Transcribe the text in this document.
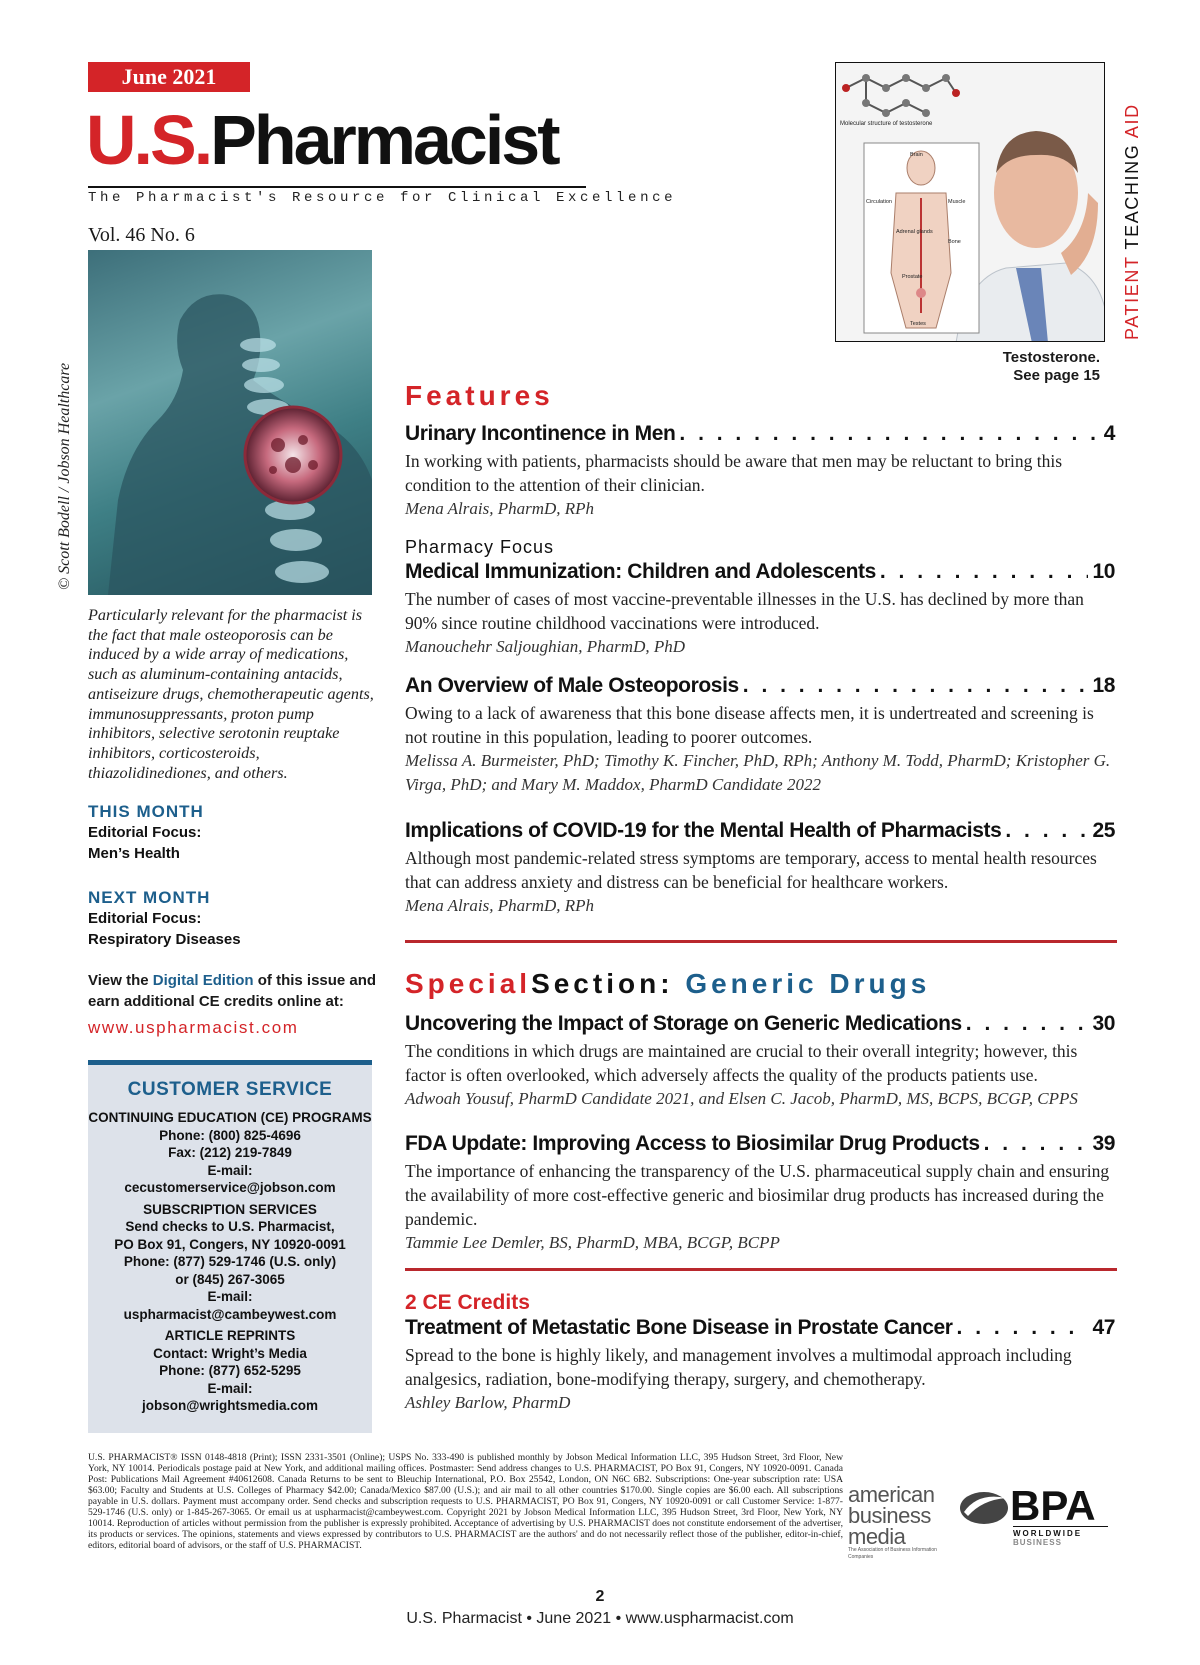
June 2021
U.S.Pharmacist
The Pharmacist's Resource for Clinical Excellence
Vol. 46 No. 6
© Scott Bodell / Jobson Healthcare
Particularly relevant for the pharmacist is the fact that male osteoporosis can be induced by a wide array of medications, such as aluminum-containing antacids, antiseizure drugs, chemotherapeutic agents, immunosuppressants, proton pump inhibitors, selective serotonin reuptake inhibitors, corticosteroids, thiazolidinediones, and others.
THIS MONTH
Editorial Focus:
Men’s Health
NEXT MONTH
Editorial Focus:
Respiratory Diseases
View the Digital Edition of this issue and earn additional CE credits online at:
www.uspharmacist.com
CUSTOMER SERVICE
CONTINUING EDUCATION (CE) PROGRAMS
Phone: (800) 825-4696
Fax: (212) 219-7849
E-mail:
cecustomerservice@jobson.com
SUBSCRIPTION SERVICES
Send checks to U.S. Pharmacist,
PO Box 91, Congers, NY 10920-0091
Phone: (877) 529-1746 (U.S. only)
or (845) 267-3065
E-mail:
uspharmacist@cambeywest.com
ARTICLE REPRINTS
Contact: Wright’s Media
Phone: (877) 652-5295
E-mail:
jobson@wrightsmedia.com
Molecular structure of testosterone
Brain
Circulation	Muscle
Adrenal glands
Bone
Prostate
Testes	PATIENT TEACHING AID
Testosterone.
See page 15
Features
Urinary Incontinence in Men . . .	4
In working with patients, pharmacists should be aware that men may be reluctant to bring this condition to the attention of their clinician.
Mena Alrais, PharmD, RPh
Pharmacy Focus
Medical Immunization: Children and Adolescents . . .	10
The number of cases of most vaccine-preventable illnesses in the U.S. has declined by more than 90% since routine childhood vaccinations were introduced.
Manouchehr Saljoughian, PharmD, PhD
An Overview of Male Osteoporosis . . .	18
Owing to a lack of awareness that this bone disease affects men, it is undertreated and screening is not routine in this population, leading to poorer outcomes.
Melissa A. Burmeister, PhD; Timothy K. Fincher, PhD, RPh; Anthony M. Todd, PharmD; Kristopher G. Virga, PhD; and Mary M. Maddox, PharmD Candidate 2022
Implications of COVID-19 for the Mental Health of Pharmacists . . .	25
Although most pandemic-related stress symptoms are temporary, access to mental health resources that can address anxiety and distress can be beneficial for healthcare workers.
Mena Alrais, PharmD, RPh
SpecialSection: Generic Drugs
Uncovering the Impact of Storage on Generic Medications . . .	30
The conditions in which drugs are maintained are crucial to their overall integrity; however, this factor is often overlooked, which adversely affects the quality of the products patients use.
Adwoah Yousuf, PharmD Candidate 2021, and Elsen C. Jacob, PharmD, MS, BCPS, BCGP, CPPS
FDA Update: Improving Access to Biosimilar Drug Products . . .	39
The importance of enhancing the transparency of the U.S. pharmaceutical supply chain and ensuring the availability of more cost-effective generic and biosimilar drug products has increased during the pandemic.
Tammie Lee Demler, BS, PharmD, MBA, BCGP, BCPP
2 CE Credits
Treatment of Metastatic Bone Disease in Prostate Cancer . . .	47
Spread to the bone is highly likely, and management involves a multimodal approach including analgesics, radiation, bone-modifying therapy, surgery, and chemotherapy.
Ashley Barlow, PharmD
U.S. PHARMACIST® ISSN 0148-4818 (Print); ISSN 2331-3501 (Online); USPS No. 333-490 is published monthly by Jobson Medical Information LLC, 395 Hudson Street, 3rd Floor, New York, NY 10014. Periodicals postage paid at New York, and additional mailing offices. Postmaster: Send address changes to U.S. PHARMACIST, PO Box 91, Congers, NY 10920-0091. Canada Post: Publications Mail Agreement #40612608. Canada Returns to be sent to Bleuchip International, P.O. Box 25542, London, ON N6C 6B2. Subscriptions: One-year subscription rate: USA $63.00; Faculty and Students at U.S. Colleges of Pharmacy $42.00; Canada/Mexico $87.00 (U.S.); and air mail to all other countries $170.00. Single copies are $6.00 each. All subscriptions payable in U.S. dollars. Payment must accompany order. Send checks and subscription requests to U.S. PHARMACIST, PO Box 91, Congers, NY 10920-0091 or call Customer Service: 1-877-529-1746 (U.S. only) or 1-845-267-3065. Or email us at uspharmacist@cambeywest.com. Copyright 2021 by Jobson Medical Information LLC, 395 Hudson Street, 3rd Floor, New York, NY 10014. Reproduction of articles without permission from the publisher is expressly prohibited. Acceptance of advertising by U.S. PHARMACIST does not constitute endorsement of the advertiser, its products or services. The opinions, statements and views expressed by contributors to U.S. PHARMACIST are the authors' and do not necessarily reflect those of the publisher, editor-in-chief, editors, editorial board of advisors, or the staff of U.S. PHARMACIST.
american
business
media
The Association of Business Information Companies
BPA
WORLDWIDE
BUSINESS
2
U.S. Pharmacist • June 2021 • www.uspharmacist.com
